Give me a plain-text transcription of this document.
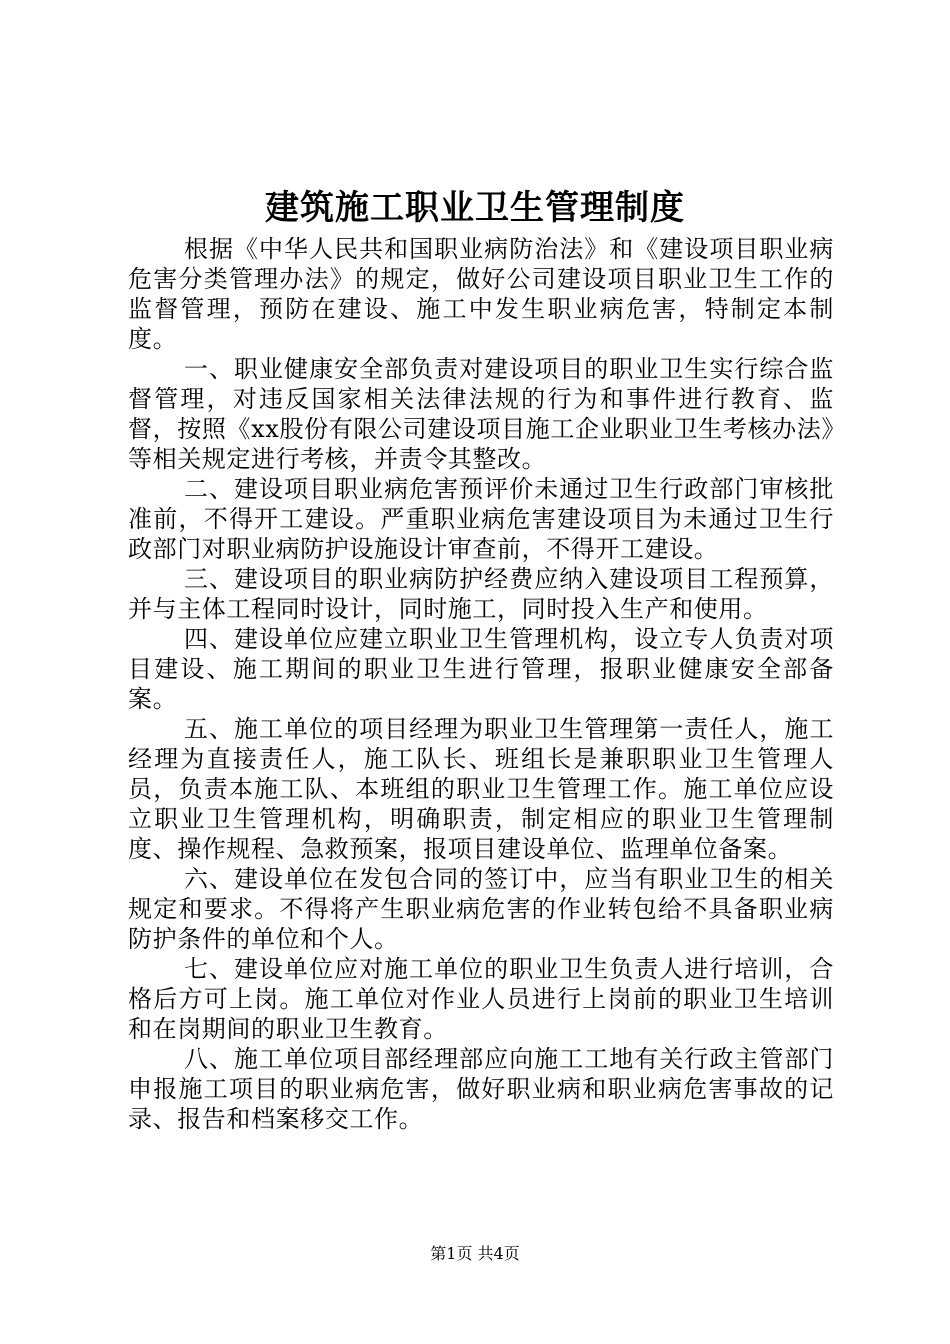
建筑施工职业卫生管理制度

根据《中华人民共和国职业病防治法》和《建设项目职业病危害分类管理办法》的规定，做好公司建设项目职业卫生工作的监督管理，预防在建设、施工中发生职业病危害，特制定本制度。

一、职业健康安全部负责对建设项目的职业卫生实行综合监督管理，对违反国家相关法律法规的行为和事件进行教育、监督，按照《xx股份有限公司建设项目施工企业职业卫生考核办法》等相关规定进行考核，并责令其整改。

二、建设项目职业病危害预评价未通过卫生行政部门审核批准前，不得开工建设。严重职业病危害建设项目为未通过卫生行政部门对职业病防护设施设计审查前，不得开工建设。

三、建设项目的职业病防护经费应纳入建设项目工程预算，并与主体工程同时设计，同时施工，同时投入生产和使用。

四、建设单位应建立职业卫生管理机构，设立专人负责对项目建设、施工期间的职业卫生进行管理，报职业健康安全部备案。

五、施工单位的项目经理为职业卫生管理第一责任人，施工经理为直接责任人，施工队长、班组长是兼职职业卫生管理人员，负责本施工队、本班组的职业卫生管理工作。施工单位应设立职业卫生管理机构，明确职责，制定相应的职业卫生管理制度、操作规程、急救预案，报项目建设单位、监理单位备案。

六、建设单位在发包合同的签订中，应当有职业卫生的相关规定和要求。不得将产生职业病危害的作业转包给不具备职业病防护条件的单位和个人。

七、建设单位应对施工单位的职业卫生负责人进行培训，合格后方可上岗。施工单位对作业人员进行上岗前的职业卫生培训和在岗期间的职业卫生教育。

八、施工单位项目部经理部应向施工工地有关行政主管部门申报施工项目的职业病危害，做好职业病和职业病危害事故的记录、报告和档案移交工作。

第1页 共4页
